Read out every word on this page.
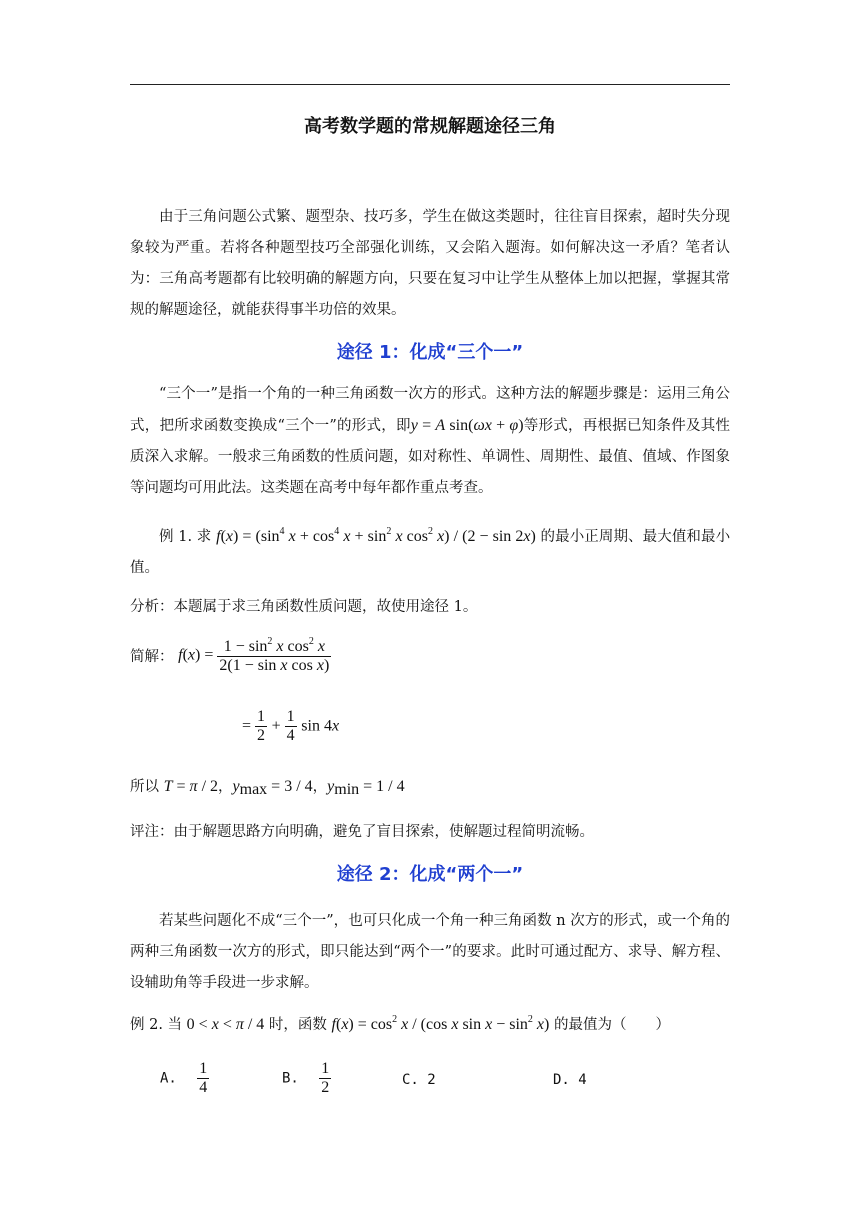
高考数学题的常规解题途径三角
由于三角问题公式繁、题型杂、技巧多，学生在做这类题时，往往盲目探索，超时失分现象较为严重。若将各种题型技巧全部强化训练，又会陷入题海。如何解决这一矛盾？笔者认为：三角高考题都有比较明确的解题方向，只要在复习中让学生从整体上加以把握，掌握其常规的解题途径，就能获得事半功倍的效果。
途径 1：化成“三个一”
“三个一”是指一个角的一种三角函数一次方的形式。这种方法的解题步骤是：运用三角公式，把所求函数变换成“三个一”的形式，即y = A sin(ωx + φ)等形式，再根据已知条件及其性质深入求解。一般求三角函数的性质问题，如对称性、单调性、周期性、最值、值域、作图象等问题均可用此法。这类题在高考中每年都作重点考查。
例 1. 求 $f(x) = (\sin^4$ $x + \cos^4 x + \sin^2 x$ $\cos^2 x) / (2 - \sin 2x)$ 的最小正周期、最大值和最小值。
分析：本题属于求三角函数性质问题，故使用途径 1。
简解： $f(x) = \frac{1 - \sin^2 x \cos^2 x}{\text{2(1 − sin x cos x)}}$
= $\frac{1}{2} + \frac{1}{4}$ sin 4x
所以 T = π / 2，$y_{max} = 3 / 4$，$y_{min} = 1 / 4$
评注：由于解题思路方向明确，避免了盲目探索，使解题过程简明流畅。
途径 2：化成“两个一”
若某些问题化不成“三个一”，也可只化成一个角一种三角函数 n 次方的形式，或一个角的两种三角函数一次方的形式，即只能达到“两个一”的要求。此时可通过配方、求导、解方程、设辅助角等手段进一步求解。
例 2. 当 0 < x < π / 4 时，函数 $f(x) = \cos^2 x / (\cos$ x $\sin x - \sin^2 x$) 的最值为（　　）
A. $\frac{1}{4}$	B. $\frac{1}{2}$	C. 2	D. 4
